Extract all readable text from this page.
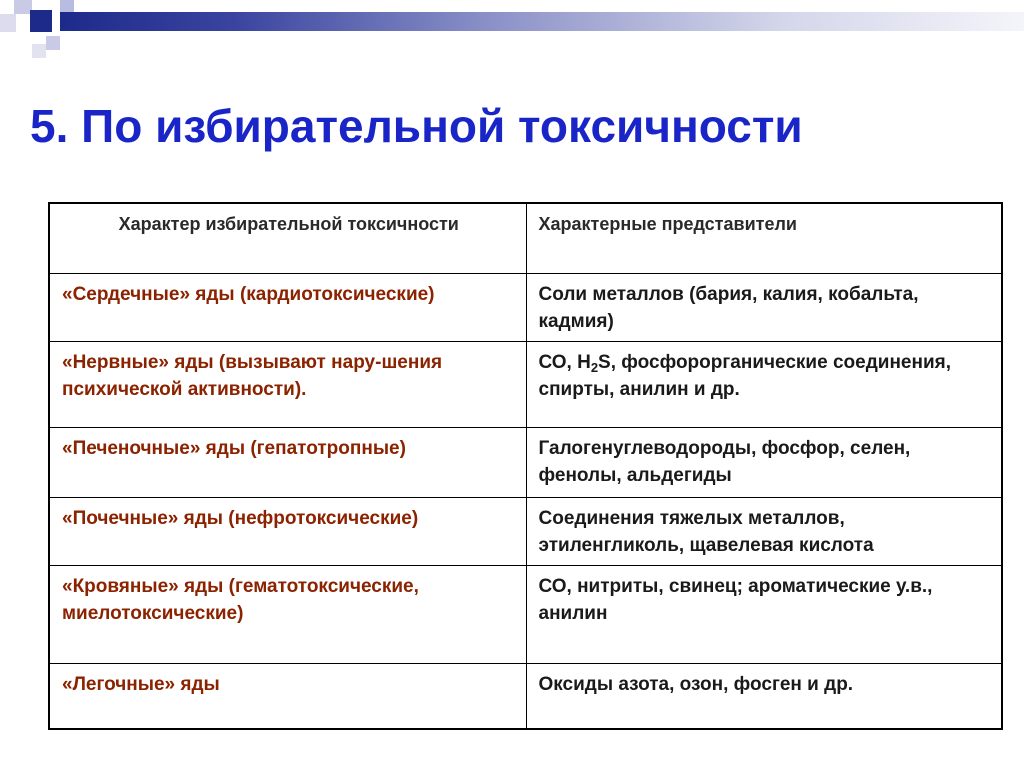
5. По избирательной токсичности
Характер избирательной токсичности	Характерные представители
«Сердечные» яды (кардиотоксические)	Соли металлов (бария, калия, кобальта, кадмия)
«Нервные» яды (вызывают нару-шения психической активности).	СО, $H_2S$, фосфорорганические соединения, спирты, анилин и др.
«Печеночные» яды (гепатотропные)	Галогенуглеводороды, фосфор, селен, фенолы, альдегиды
«Почечные» яды (нефротоксические)	Соединения тяжелых металлов, этиленгликоль, щавелевая кислота
«Кровяные» яды (гематотоксические, миелотоксические)	СО, нитриты, свинец; ароматические у.в., анилин
«Легочные» яды	Оксиды азота, озон, фосген и др.
